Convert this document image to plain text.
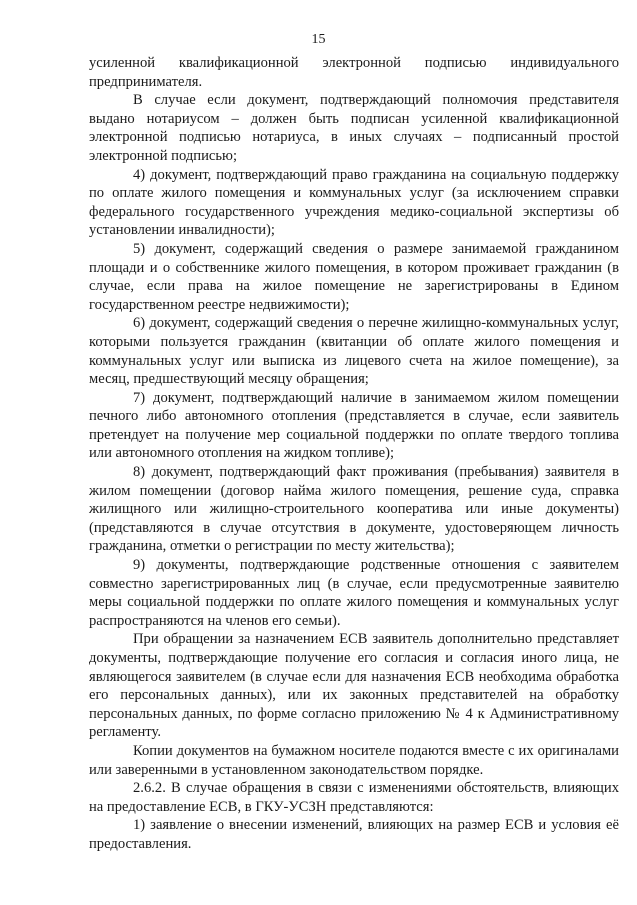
15

усиленной квалификационной электронной подписью индивидуального предпринимателя.

В случае если документ, подтверждающий полномочия представителя выдано нотариусом – должен быть подписан усиленной квалификационной электронной подписью нотариуса, в иных случаях – подписанный простой электронной подписью;

4) документ, подтверждающий право гражданина на социальную поддержку по оплате жилого помещения и коммунальных услуг (за исключением справки федерального государственного учреждения медико-социальной экспертизы об установлении инвалидности);

5) документ, содержащий сведения о размере занимаемой гражданином площади и о собственнике жилого помещения, в котором проживает гражданин (в случае, если права на жилое помещение не зарегистрированы в Едином государственном реестре недвижимости);

6) документ, содержащий сведения о перечне жилищно-коммунальных услуг, которыми пользуется гражданин (квитанции об оплате жилого помещения и коммунальных услуг или выписка из лицевого счета на жилое помещение), за месяц, предшествующий месяцу обращения;

7) документ, подтверждающий наличие в занимаемом жилом помещении печного либо автономного отопления (представляется в случае, если заявитель претендует на получение мер социальной поддержки по оплате твердого топлива или автономного отопления на жидком топливе);

8) документ, подтверждающий факт проживания (пребывания) заявителя в жилом помещении (договор найма жилого помещения, решение суда, справка жилищного или жилищно-строительного кооператива или иные документы) (представляются в случае отсутствия в документе, удостоверяющем личность гражданина, отметки о регистрации по месту жительства);

9) документы, подтверждающие родственные отношения с заявителем совместно зарегистрированных лиц (в случае, если предусмотренные заявителю меры социальной поддержки по оплате жилого помещения и коммунальных услуг распространяются на членов его семьи).

При обращении за назначением ЕСВ заявитель дополнительно представляет документы, подтверждающие получение его согласия и согласия иного лица, не являющегося заявителем (в случае если для назначения ЕСВ необходима обработка его персональных данных), или их законных представителей на обработку персональных данных, по форме согласно приложению № 4 к Административному регламенту.

Копии документов на бумажном носителе подаются вместе с их оригиналами или заверенными в установленном законодательством порядке.

2.6.2. В случае обращения в связи с изменениями обстоятельств, влияющих на предоставление ЕСВ, в ГКУ-УСЗН представляются:

1) заявление о внесении изменений, влияющих на размер ЕСВ и условия её предоставления.
